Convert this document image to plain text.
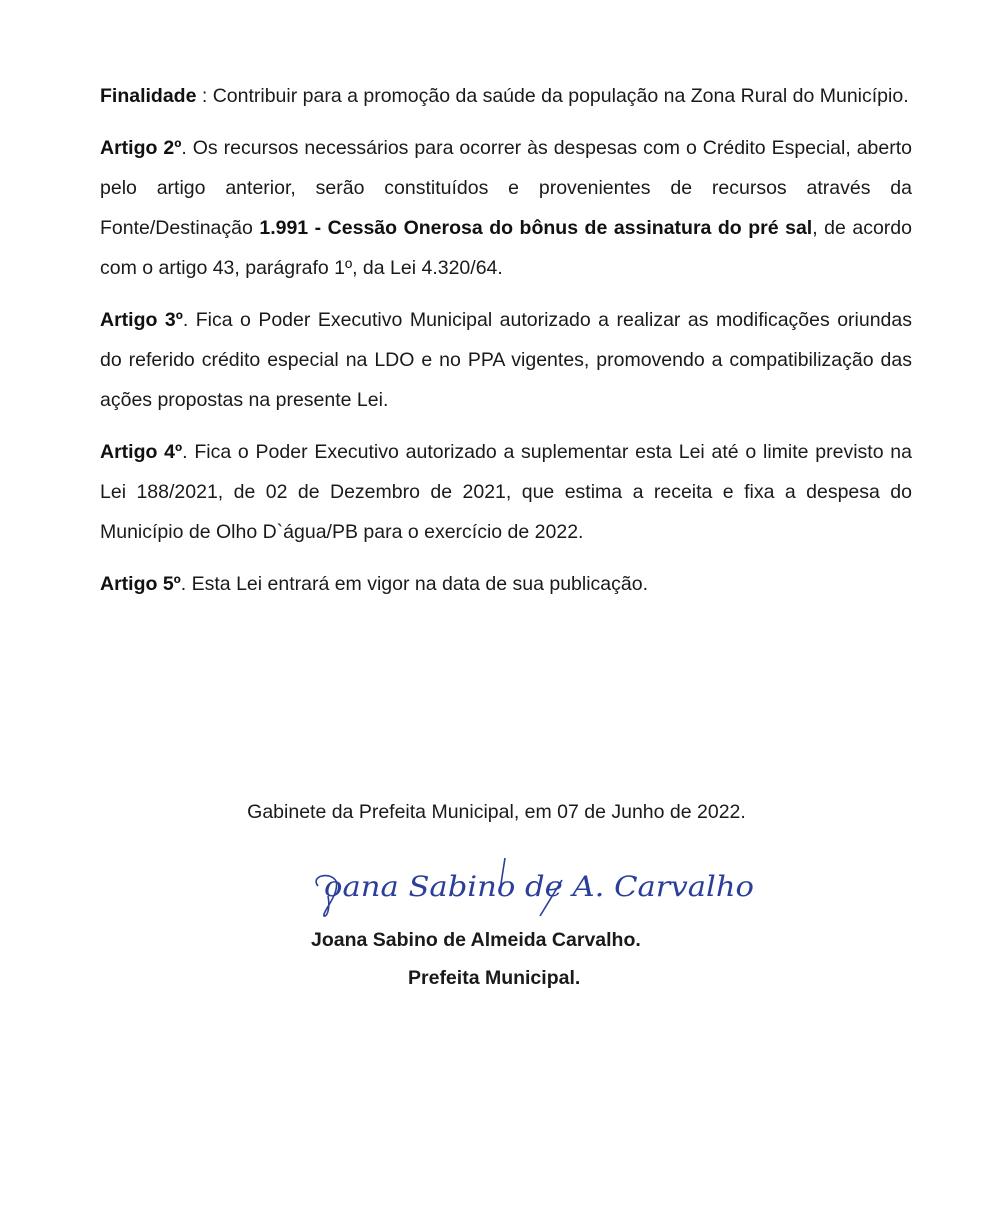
Finalidade : Contribuir para a promoção da saúde da população na Zona Rural do Município.

Artigo 2º. Os recursos necessários para ocorrer às despesas com o Crédito Especial, aberto pelo artigo anterior, serão constituídos e provenientes de recursos através da Fonte/Destinação 1.991 - Cessão Onerosa do bônus de assinatura do pré sal, de acordo com o artigo 43, parágrafo 1º, da Lei 4.320/64.

Artigo 3º. Fica o Poder Executivo Municipal autorizado a realizar as modificações oriundas do referido crédito especial na LDO e no PPA vigentes, promovendo a compatibilização das ações propostas na presente Lei.

Artigo 4º. Fica o Poder Executivo autorizado a suplementar esta Lei até o limite previsto na Lei 188/2021, de 02 de Dezembro de 2021, que estima a receita e fixa a despesa do Município de Olho D`água/PB para o exercício de 2022.

Artigo 5º. Esta Lei entrará em vigor na data de sua publicação.

Gabinete da Prefeita Municipal, em 07 de Junho de 2022.
oana Sabino de A. Carvalho
Joana Sabino de Almeida Carvalho.
Prefeita Municipal.
